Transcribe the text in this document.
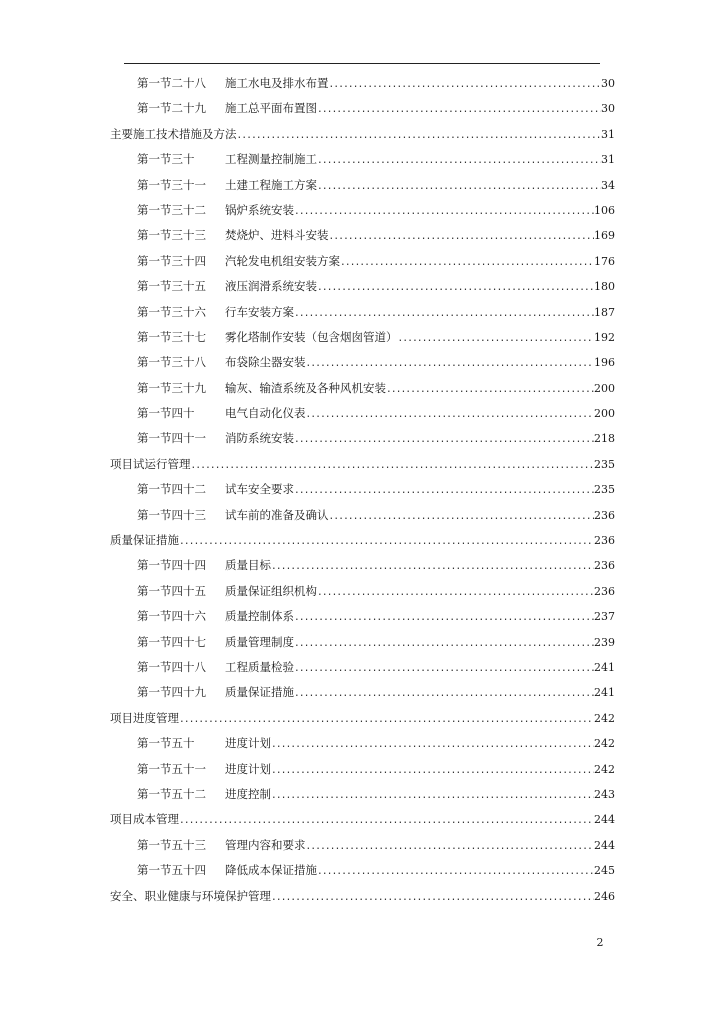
第一节二十八	施工水电及排水布置 .....	30
第一节二十九	施工总平面布置图 .....	30
主要施工技术措施及方法 .....	31
第一节三十	工程测量控制施工 .....	31
第一节三十一	土建工程施工方案 .....	34
第一节三十二	锅炉系统安装 .....	106
第一节三十三	焚烧炉、进料斗安装 .....	169
第一节三十四	汽轮发电机组安装方案 .....	176
第一节三十五	液压润滑系统安装 .....	180
第一节三十六	行车安装方案 .....	187
第一节三十七	雾化塔制作安装（包含烟囱管道） .....	192
第一节三十八	布袋除尘器安装 .....	196
第一节三十九	输灰、输渣系统及各种风机安装 .....	200
第一节四十	电气自动化仪表 .....	200
第一节四十一	消防系统安装 .....	218
项目试运行管理 .....	235
第一节四十二	试车安全要求 .....	235
第一节四十三	试车前的准备及确认 .....	236
质量保证措施 .....	236
第一节四十四	质量目标 .....	236
第一节四十五	质量保证组织机构 .....	236
第一节四十六	质量控制体系 .....	237
第一节四十七	质量管理制度 .....	239
第一节四十八	工程质量检验 .....	241
第一节四十九	质量保证措施 .....	241
项目进度管理 .....	242
第一节五十	进度计划 .....	242
第一节五十一	进度计划 .....	242
第一节五十二	进度控制 .....	243
项目成本管理 .....	244
第一节五十三	管理内容和要求 .....	244
第一节五十四	降低成本保证措施 .....	245
安全、职业健康与环境保护管理 .....	246
2
